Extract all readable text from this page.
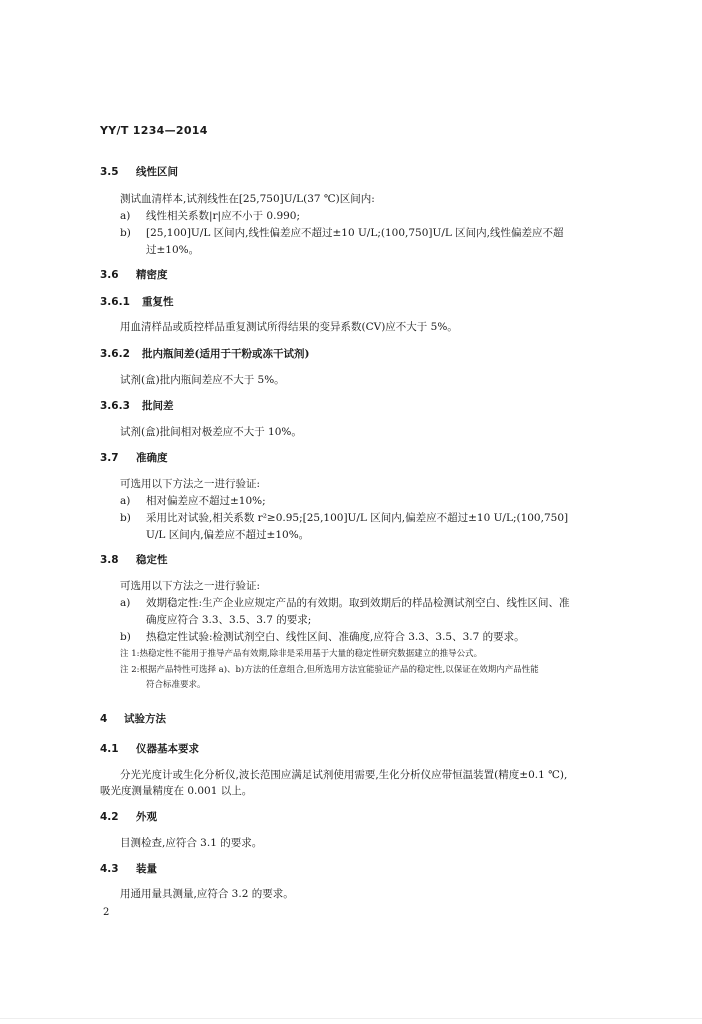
YY/T 1234—2014
3.5 线性区间
测试血清样本,试剂线性在[25,750]U/L(37 ℃)区间内:
a) 线性相关系数|r|应不小于 0.990;
b) [25,100]U/L 区间内,线性偏差应不超过±10 U/L;(100,750]U/L 区间内,线性偏差应不超
过±10%。
3.6 精密度
3.6.1 重复性
用血清样品或质控样品重复测试所得结果的变异系数(CV)应不大于 5%。
3.6.2 批内瓶间差(适用于干粉或冻干试剂)
试剂(盒)批内瓶间差应不大于 5%。
3.6.3 批间差
试剂(盒)批间相对极差应不大于 10%。
3.7 准确度
可选用以下方法之一进行验证:
a) 相对偏差应不超过±10%;
b) 采用比对试验,相关系数 r²≥0.95;[25,100]U/L 区间内,偏差应不超过±10 U/L;(100,750]
U/L 区间内,偏差应不超过±10%。
3.8 稳定性
可选用以下方法之一进行验证:
a) 效期稳定性:生产企业应规定产品的有效期。取到效期后的样品检测试剂空白、线性区间、准
确度应符合 3.3、3.5、3.7 的要求;
b) 热稳定性试验:检测试剂空白、线性区间、准确度,应符合 3.3、3.5、3.7 的要求。
注 1:热稳定性不能用于推导产品有效期,除非是采用基于大量的稳定性研究数据建立的推导公式。
注 2:根据产品特性可选择 a)、b)方法的任意组合,但所选用方法宜能验证产品的稳定性,以保证在效期内产品性能
符合标准要求。
4 试验方法
4.1 仪器基本要求
分光光度计或生化分析仪,波长范围应满足试剂使用需要,生化分析仪应带恒温装置(精度±0.1 ℃),
吸光度测量精度在 0.001 以上。
4.2 外观
目测检查,应符合 3.1 的要求。
4.3 装量
用通用量具测量,应符合 3.2 的要求。
2
